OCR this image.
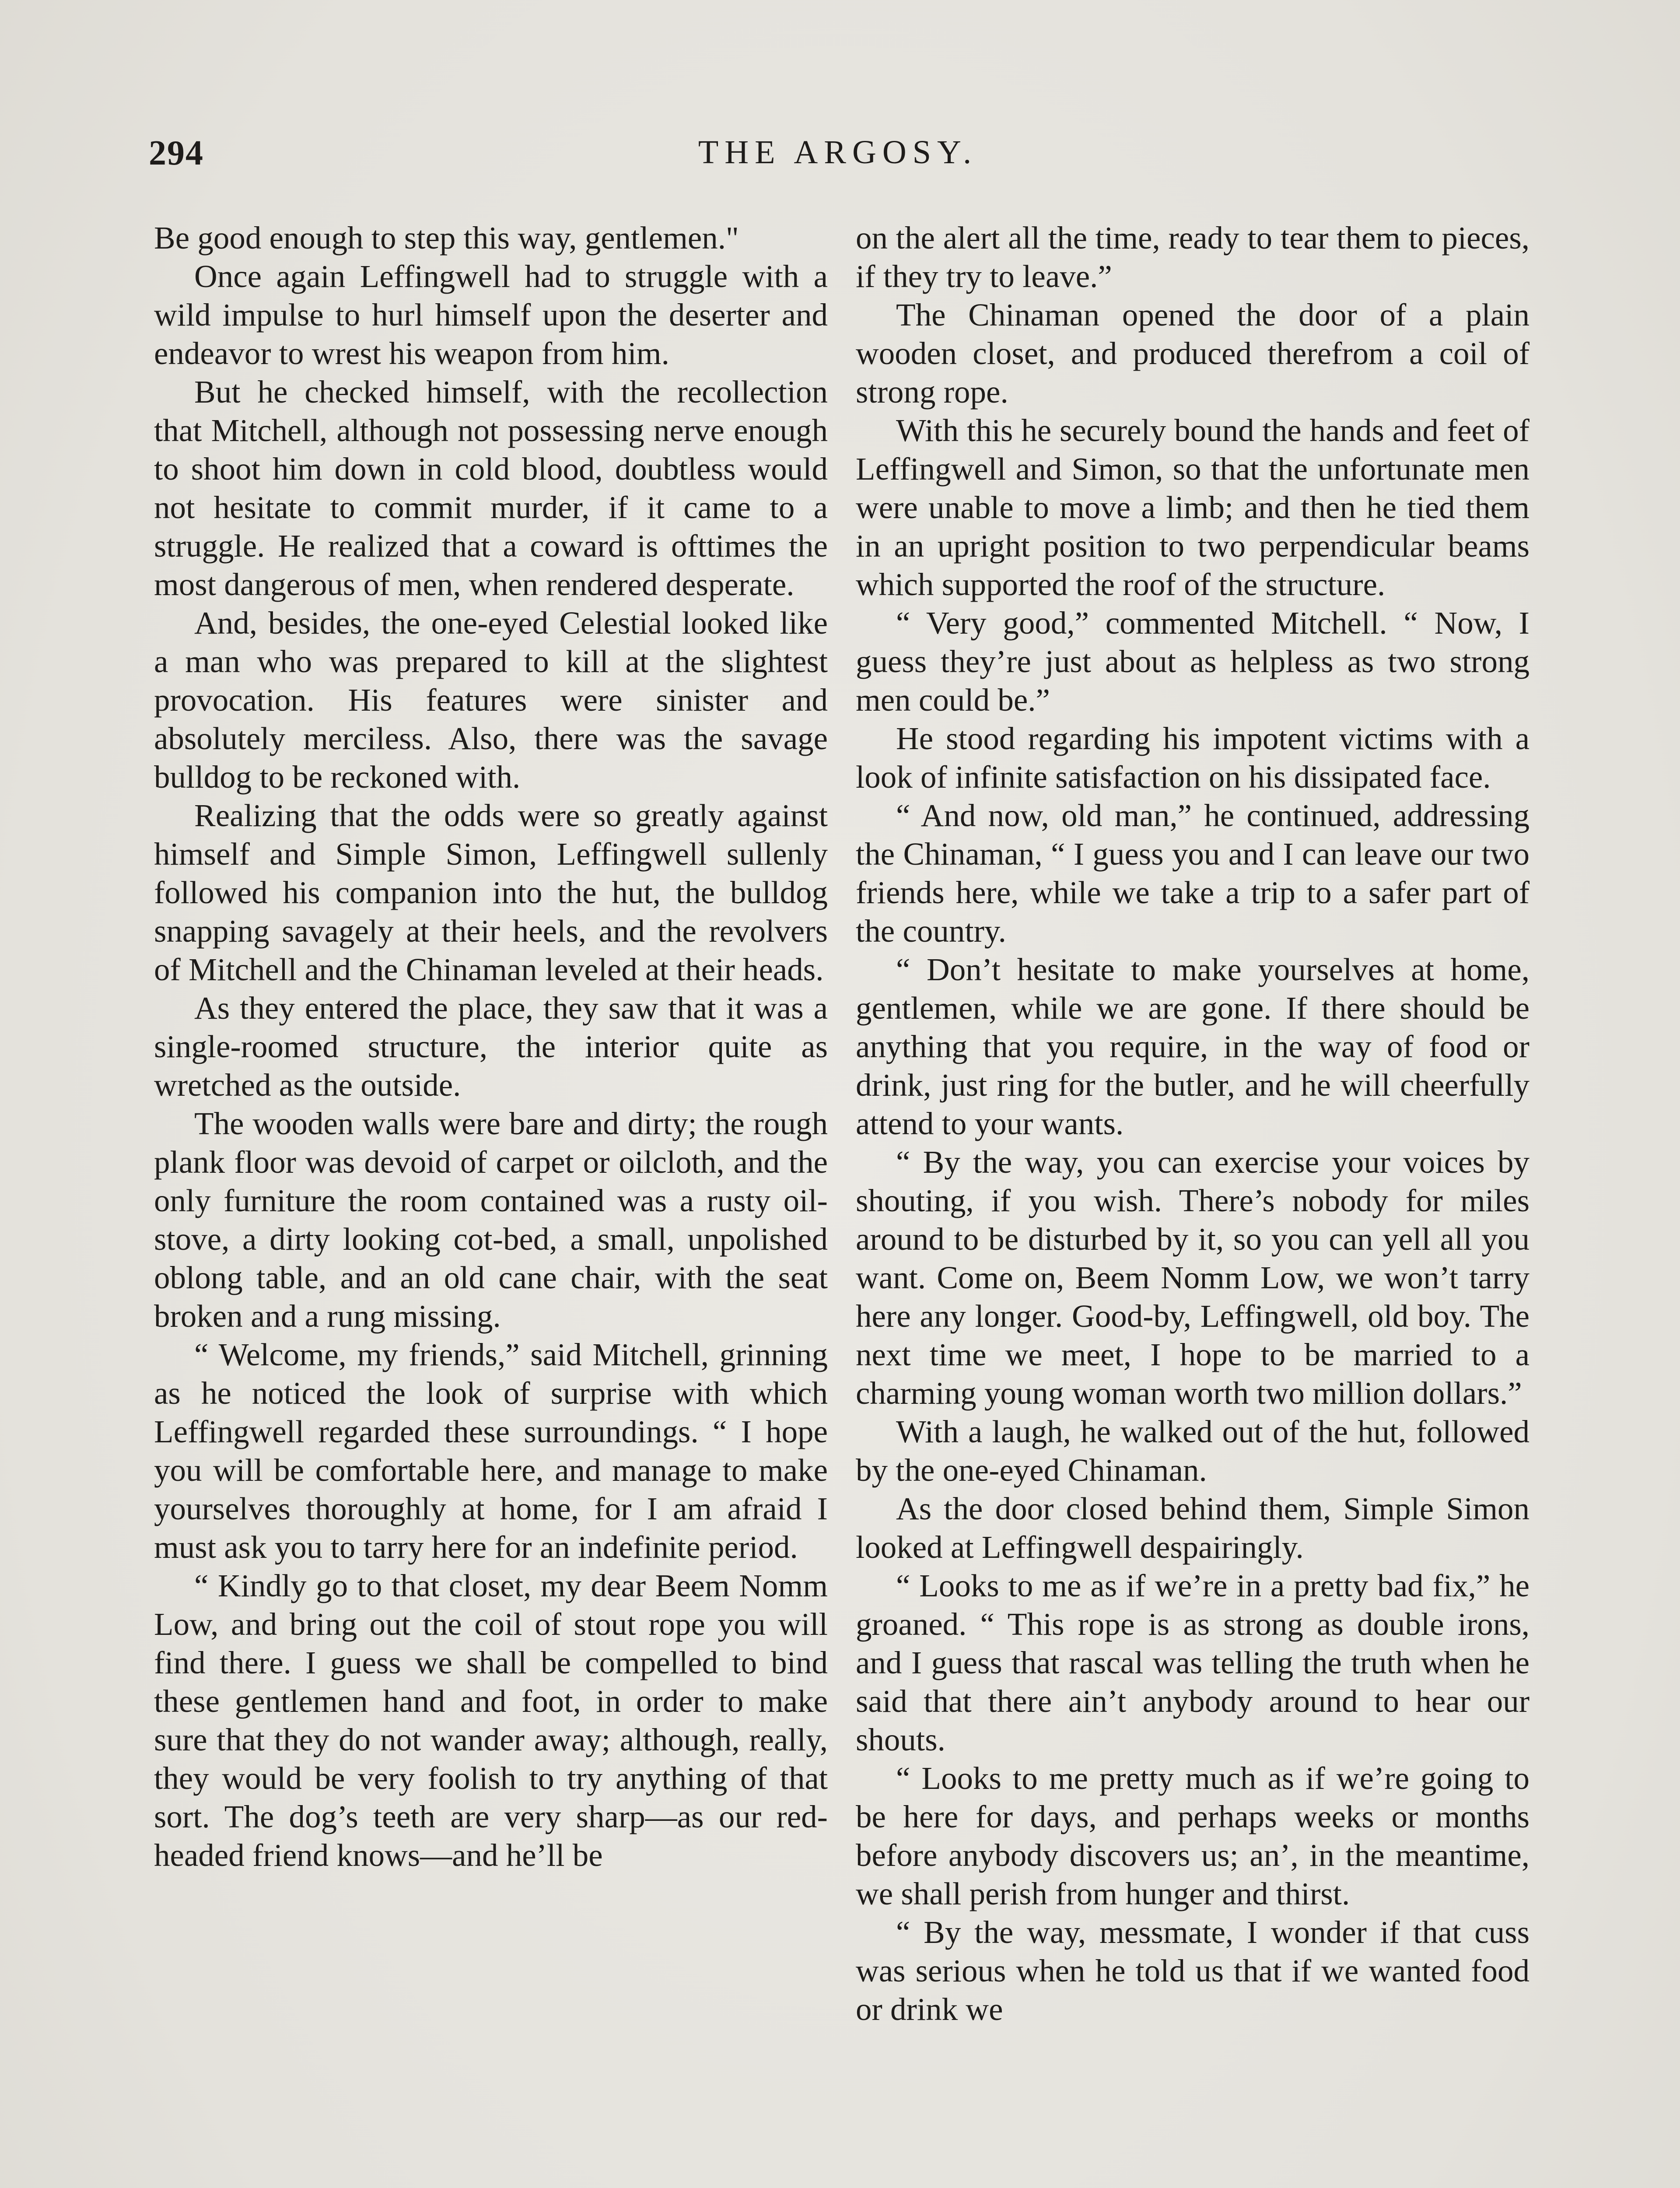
294	THE ARGOSY.

Be good enough to step this way, gentlemen."

Once again Leffingwell had to struggle with a wild impulse to hurl himself upon the deserter and endeavor to wrest his weapon from him.

But he checked himself, with the recollection that Mitchell, although not possessing nerve enough to shoot him down in cold blood, doubtless would not hesitate to commit murder, if it came to a struggle. He realized that a coward is ofttimes the most dangerous of men, when rendered desperate.

And, besides, the one-eyed Celestial looked like a man who was prepared to kill at the slightest provocation. His features were sinister and absolutely merciless. Also, there was the savage bulldog to be reckoned with.

Realizing that the odds were so greatly against himself and Simple Simon, Leffingwell sullenly followed his companion into the hut, the bulldog snapping savagely at their heels, and the revolvers of Mitchell and the Chinaman leveled at their heads.

As they entered the place, they saw that it was a single-roomed structure, the interior quite as wretched as the outside.

The wooden walls were bare and dirty; the rough plank floor was devoid of carpet or oilcloth, and the only furniture the room contained was a rusty oil-stove, a dirty looking cot-bed, a small, unpolished oblong table, and an old cane chair, with the seat broken and a rung missing.

“ Welcome, my friends,” said Mitchell, grinning as he noticed the look of surprise with which Leffingwell regarded these surroundings. “ I hope you will be comfortable here, and manage to make yourselves thoroughly at home, for I am afraid I must ask you to tarry here for an indefinite period.

“ Kindly go to that closet, my dear Beem Nomm Low, and bring out the coil of stout rope you will find there. I guess we shall be compelled to bind these gentlemen hand and foot, in order to make sure that they do not wander away; although, really, they would be very foolish to try anything of that sort. The dog’s teeth are very sharp—as our red-headed friend knows—and he’ll be

on the alert all the time, ready to tear them to pieces, if they try to leave.”

The Chinaman opened the door of a plain wooden closet, and produced therefrom a coil of strong rope.

With this he securely bound the hands and feet of Leffingwell and Simon, so that the unfortunate men were unable to move a limb; and then he tied them in an upright position to two perpendicular beams which supported the roof of the structure.

“ Very good,” commented Mitchell. “ Now, I guess they’re just about as helpless as two strong men could be.”

He stood regarding his impotent victims with a look of infinite satisfaction on his dissipated face.

“ And now, old man,” he continued, addressing the Chinaman, “ I guess you and I can leave our two friends here, while we take a trip to a safer part of the country.

“ Don’t hesitate to make yourselves at home, gentlemen, while we are gone. If there should be anything that you require, in the way of food or drink, just ring for the butler, and he will cheerfully attend to your wants.

“ By the way, you can exercise your voices by shouting, if you wish. There’s nobody for miles around to be disturbed by it, so you can yell all you want. Come on, Beem Nomm Low, we won’t tarry here any longer. Good-by, Leffingwell, old boy. The next time we meet, I hope to be married to a charming young woman worth two million dollars.”

With a laugh, he walked out of the hut, followed by the one-eyed Chinaman.

As the door closed behind them, Simple Simon looked at Leffingwell despairingly.

“ Looks to me as if we’re in a pretty bad fix,” he groaned. “ This rope is as strong as double irons, and I guess that rascal was telling the truth when he said that there ain’t anybody around to hear our shouts.

“ Looks to me pretty much as if we’re going to be here for days, and perhaps weeks or months before anybody discovers us; an’, in the meantime, we shall perish from hunger and thirst.

“ By the way, messmate, I wonder if that cuss was serious when he told us that if we wanted food or drink we
